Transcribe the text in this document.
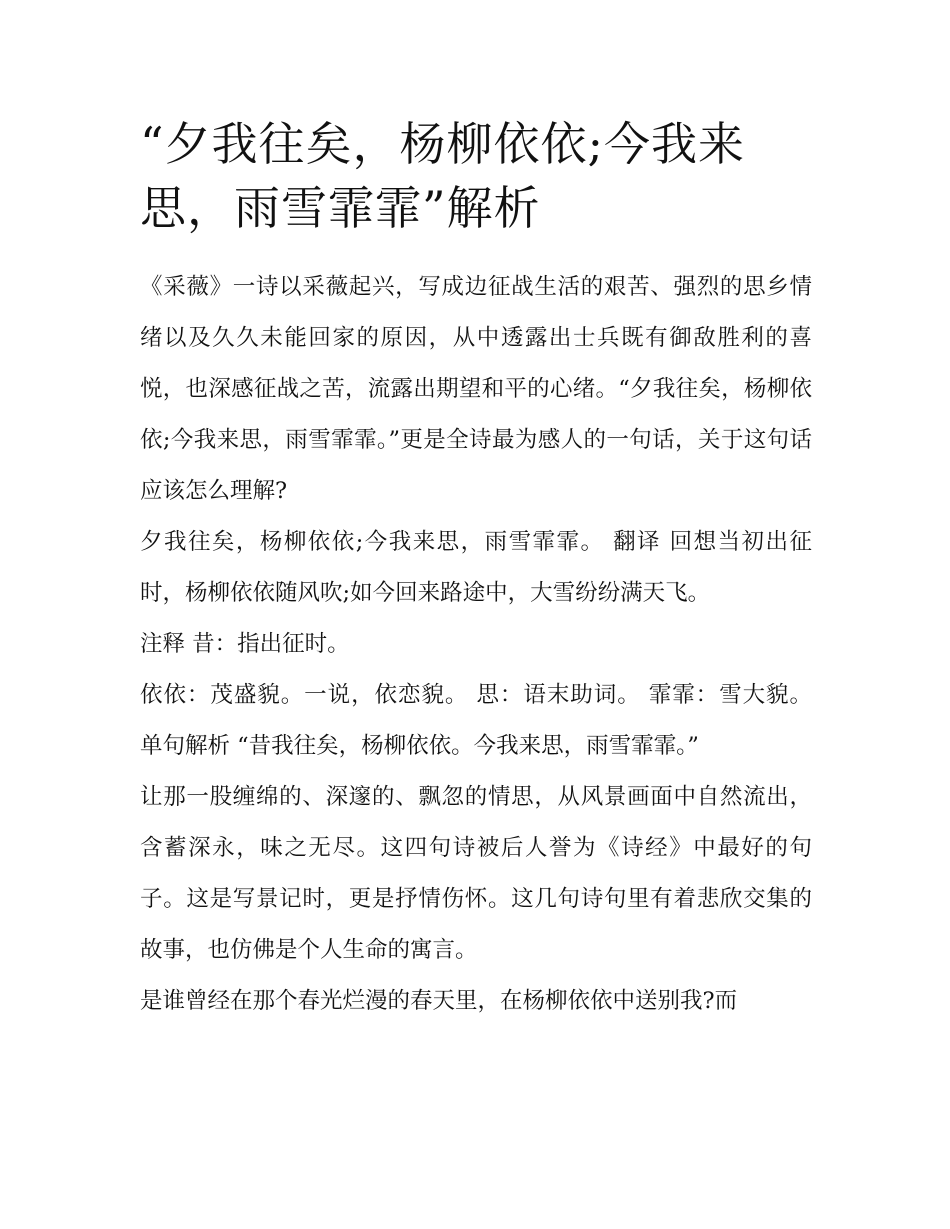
“夕我往矣，杨柳依依;今我来思，雨雪霏霏”解析

《采薇》一诗以采薇起兴，写成边征战生活的艰苦、强烈的思乡情绪以及久久未能回家的原因，从中透露出士兵既有御敌胜利的喜悦，也深感征战之苦，流露出期望和平的心绪。“夕我往矣，杨柳依依;今我来思，雨雪霏霏。”更是全诗最为感人的一句话，关于这句话应该怎么理解?

夕我往矣，杨柳依依;今我来思，雨雪霏霏。 翻译 回想当初出征时，杨柳依依随风吹;如今回来路途中，大雪纷纷满天飞。

注释 昔：指出征时。

依依：茂盛貌。一说，依恋貌。 思：语末助词。 霏霏：雪大貌。 单句解析 “昔我往矣，杨柳依依。今我来思，雨雪霏霏。”

让那一股缠绵的、深邃的、飘忽的情思，从风景画面中自然流出，含蓄深永，味之无尽。这四句诗被后人誉为《诗经》中最好的句子。这是写景记时，更是抒情伤怀。这几句诗句里有着悲欣交集的故事，也仿佛是个人生命的寓言。

是谁曾经在那个春光烂漫的春天里，在杨柳依依中送别我?而
